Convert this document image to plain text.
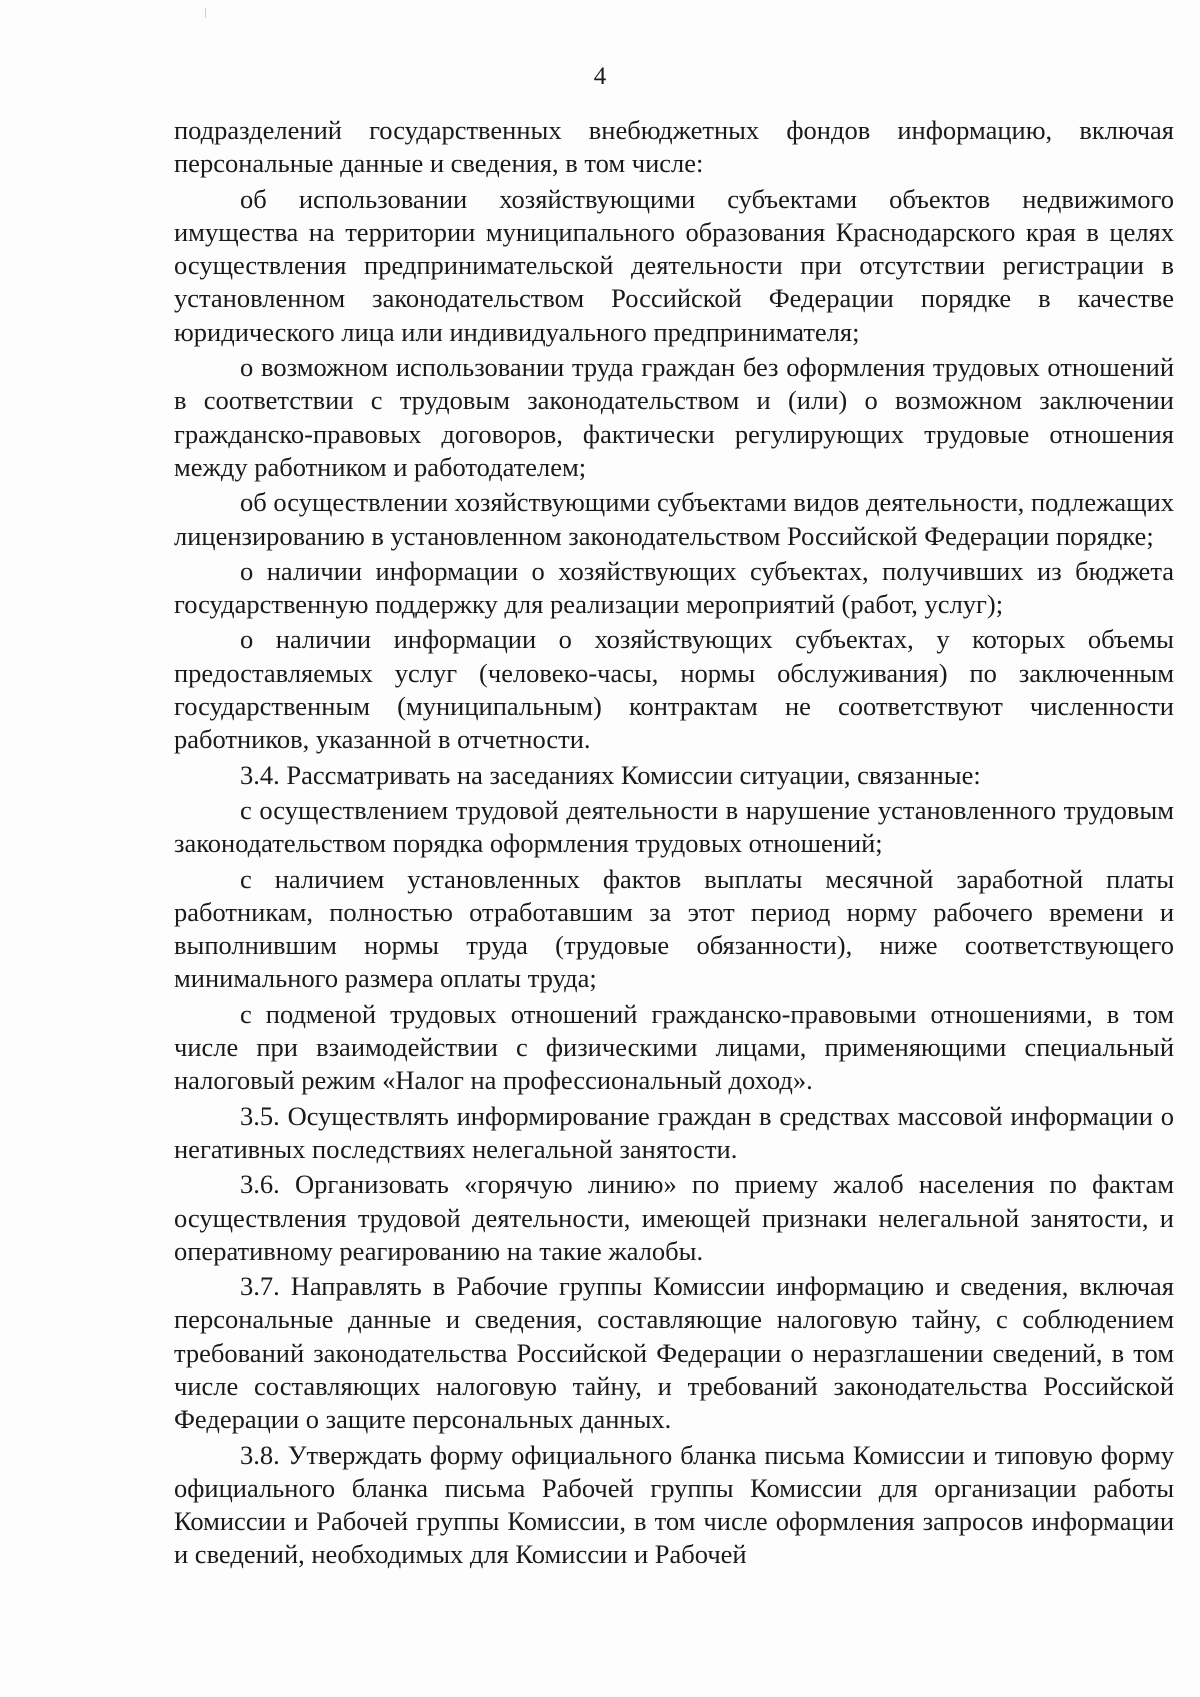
4

подразделений государственных внебюджетных фондов информацию, включая персональные данные и сведения, в том числе:

об использовании хозяйствующими субъектами объектов недвижимого имущества на территории муниципального образования Краснодарского края в целях осуществления предпринимательской деятельности при отсутствии регистрации в установленном законодательством Российской Федерации порядке в качестве юридического лица или индивидуального предпринимателя;

о возможном использовании труда граждан без оформления трудовых отношений в соответствии с трудовым законодательством и (или) о возможном заключении гражданско-правовых договоров, фактически регулирующих трудовые отношения между работником и работодателем;

об осуществлении хозяйствующими субъектами видов деятельности, подлежащих лицензированию в установленном законодательством Российской Федерации порядке;

о наличии информации о хозяйствующих субъектах, получивших из бюджета государственную поддержку для реализации мероприятий (работ, услуг);

о наличии информации о хозяйствующих субъектах, у которых объемы предоставляемых услуг (человеко-часы, нормы обслуживания) по заключенным государственным (муниципальным) контрактам не соответствуют численности работников, указанной в отчетности.

3.4. Рассматривать на заседаниях Комиссии ситуации, связанные:

с осуществлением трудовой деятельности в нарушение установленного трудовым законодательством порядка оформления трудовых отношений;

с наличием установленных фактов выплаты месячной заработной платы работникам, полностью отработавшим за этот период норму рабочего времени и выполнившим нормы труда (трудовые обязанности), ниже соответствующего минимального размера оплаты труда;

с подменой трудовых отношений гражданско-правовыми отношениями, в том числе при взаимодействии с физическими лицами, применяющими специальный налоговый режим «Налог на профессиональный доход».

3.5. Осуществлять информирование граждан в средствах массовой информации о негативных последствиях нелегальной занятости.

3.6. Организовать «горячую линию» по приему жалоб населения по фактам осуществления трудовой деятельности, имеющей признаки нелегальной занятости, и оперативному реагированию на такие жалобы.

3.7. Направлять в Рабочие группы Комиссии информацию и сведения, включая персональные данные и сведения, составляющие налоговую тайну, с соблюдением требований законодательства Российской Федерации о неразглашении сведений, в том числе составляющих налоговую тайну, и требований законодательства Российской Федерации о защите персональных данных.

3.8. Утверждать форму официального бланка письма Комиссии и типовую форму официального бланка письма Рабочей группы Комиссии для организации работы Комиссии и Рабочей группы Комиссии, в том числе оформления запросов информации и сведений, необходимых для Комиссии и Рабочей
